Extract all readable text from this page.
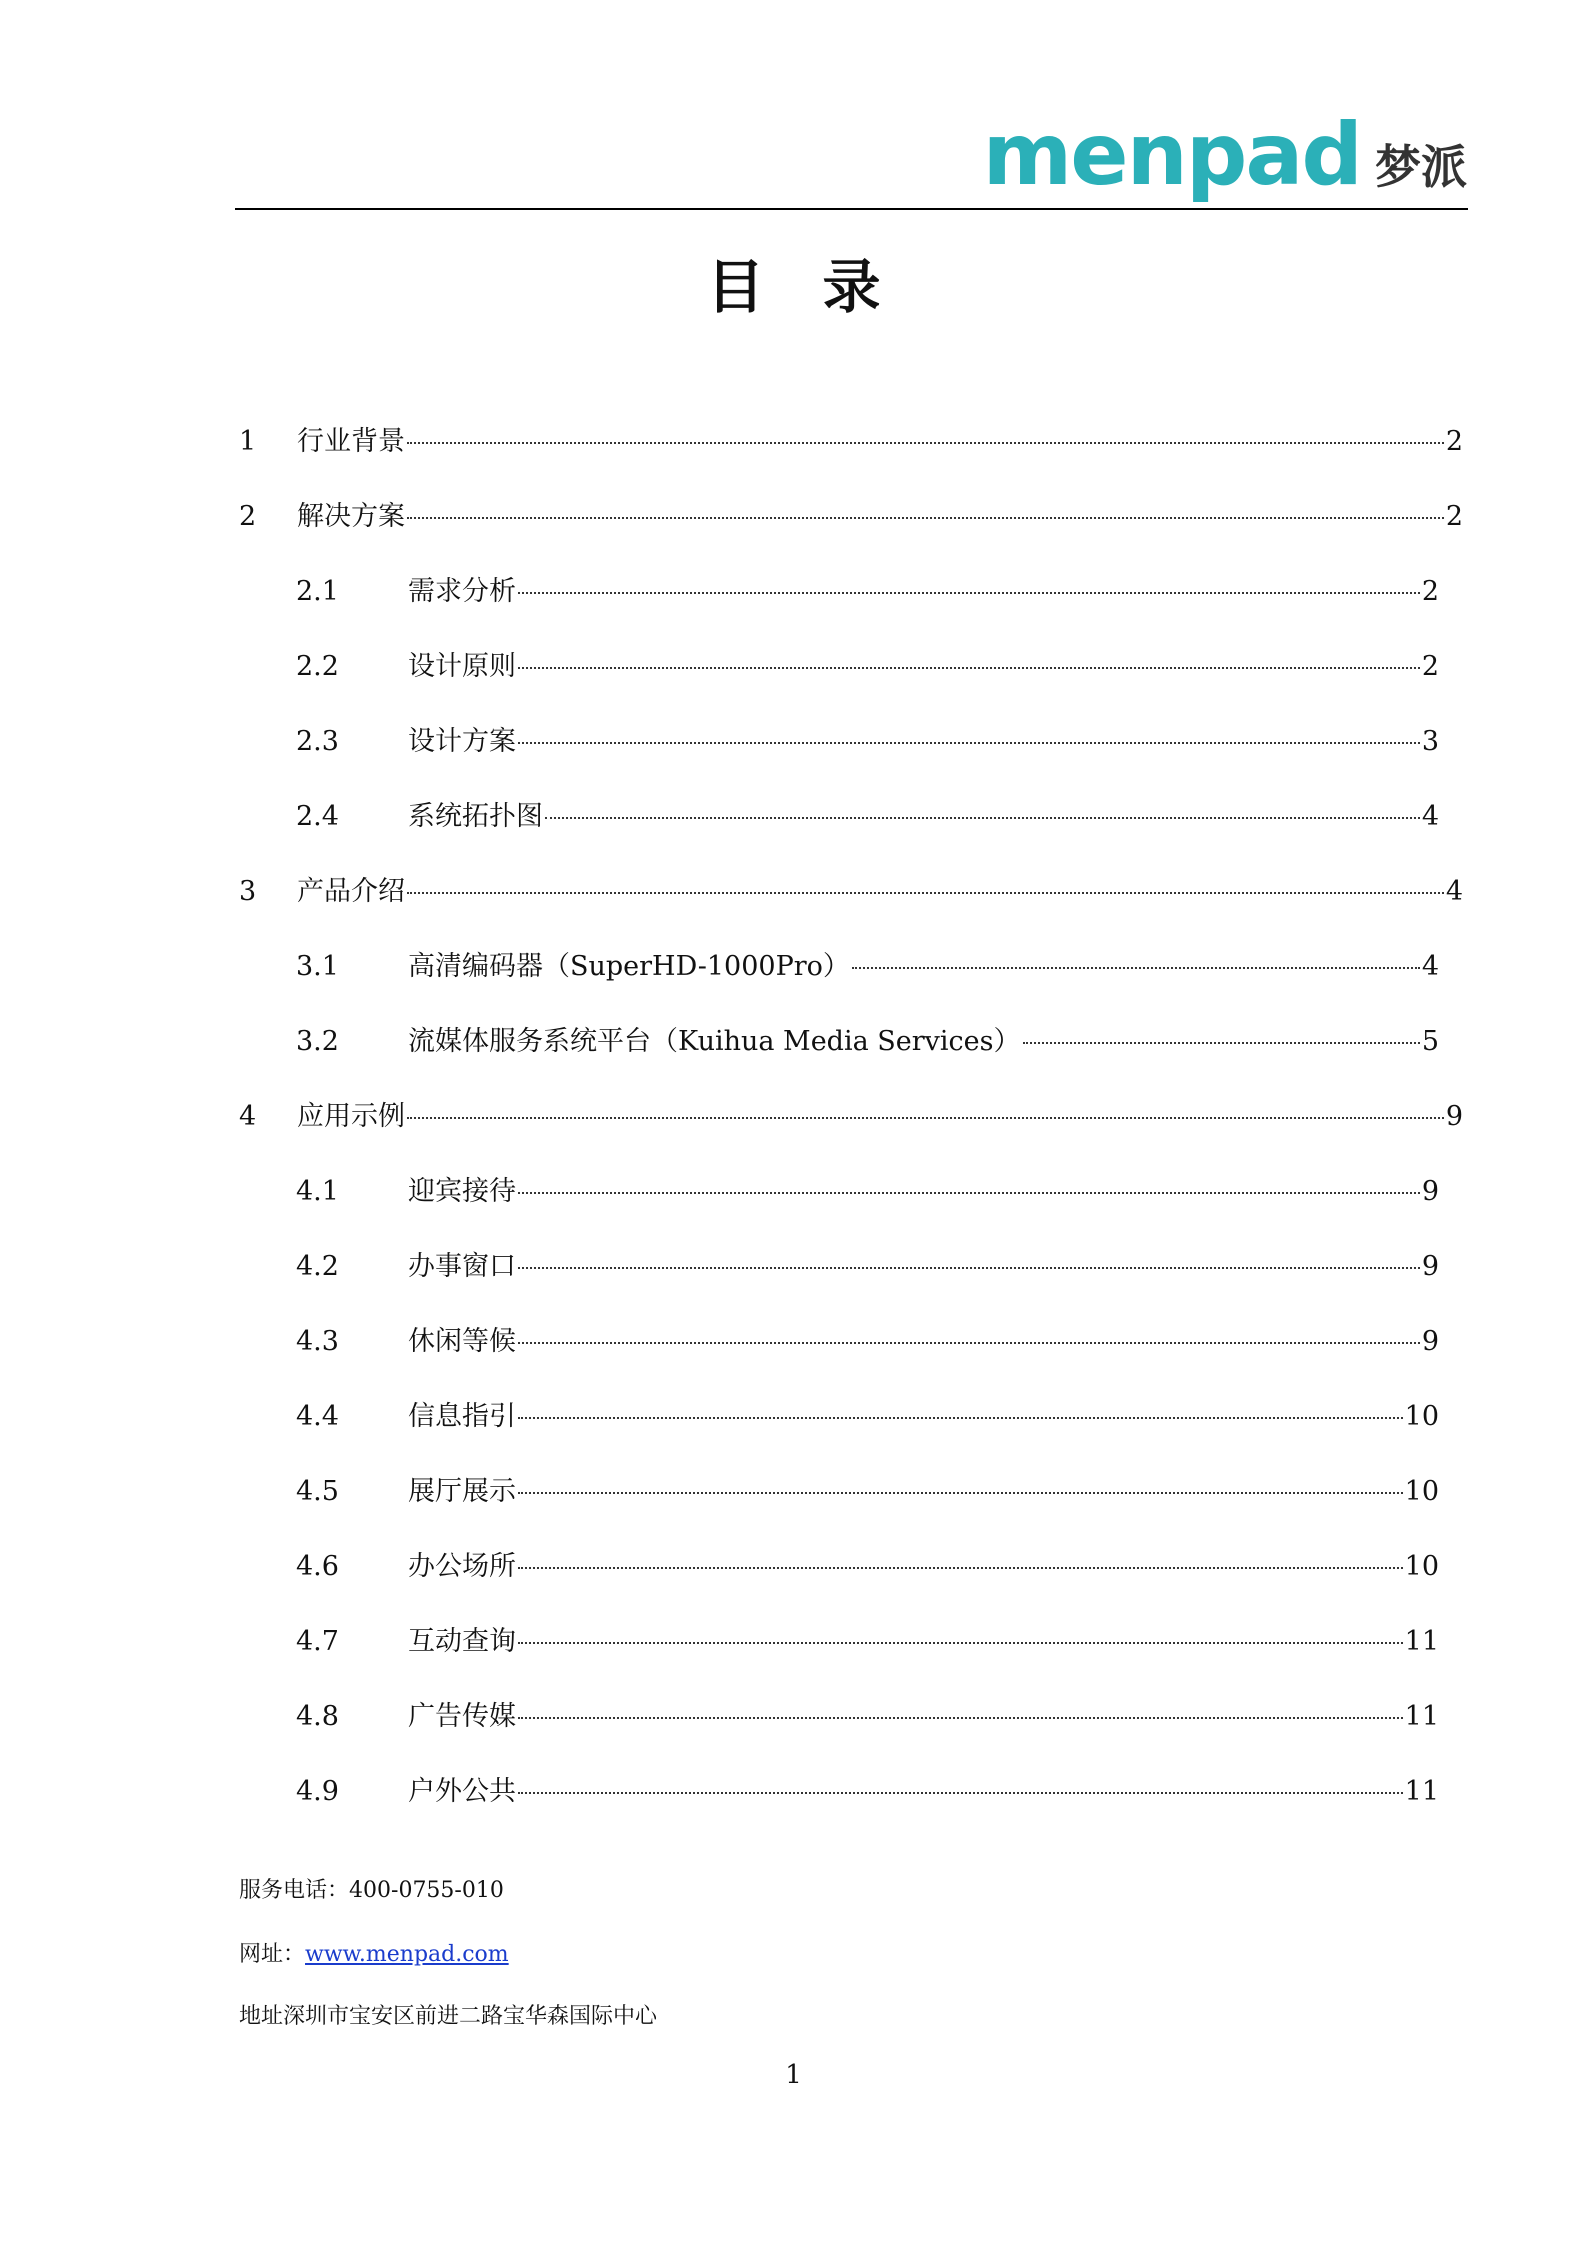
menpad 梦派
目录
1	行业背景	2
2	解决方案	2
2.1	需求分析	2
2.2	设计原则	2
2.3	设计方案	3
2.4	系统拓扑图	4
3	产品介绍	4
3.1	高清编码器（SuperHD-1000Pro）	4
3.2	流媒体服务系统平台（Kuihua Media Services）	5
4	应用示例	9
4.1	迎宾接待	9
4.2	办事窗口	9
4.3	休闲等候	9
4.4	信息指引	10
4.5	展厅展示	10
4.6	办公场所	10
4.7	互动查询	11
4.8	广告传媒	11
4.9	户外公共	11
服务电话：400-0755-010
网址：www.menpad.com
地址深圳市宝安区前进二路宝华森国际中心
1
